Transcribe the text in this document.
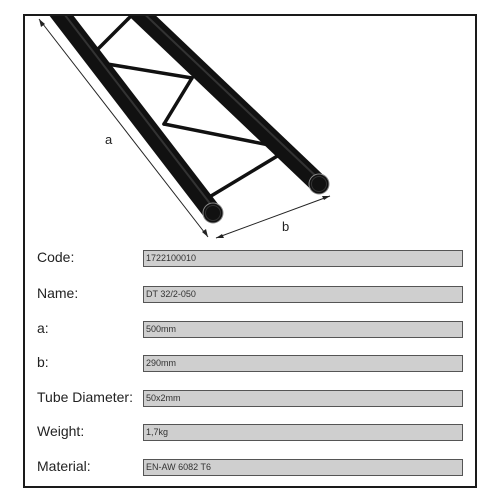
a
b
Code:	1722100010
Name:	DT 32/2-050
a:	500mm
b:	290mm
Tube Diameter:	50x2mm
Weight:	1,7kg
Material:	EN-AW 6082 T6
